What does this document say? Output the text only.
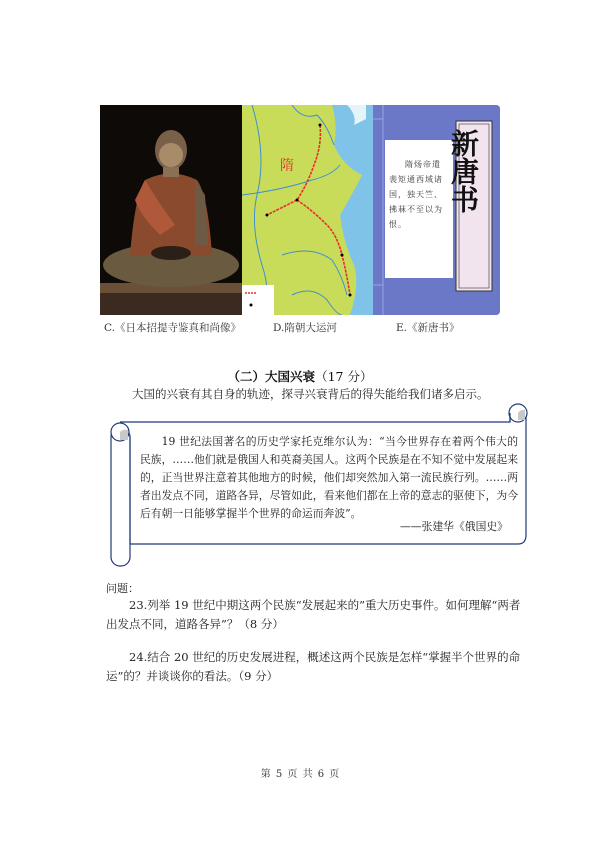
隋	新唐书
隋炀帝遣裴矩通西域诸国，独天竺、拂菻不至以为恨。
C.《日本招提寺鉴真和尚像》	D.隋朝大运河	E.《新唐书》
（二）大国兴衰（17 分）
大国的兴衰有其自身的轨迹，探寻兴衰背后的得失能给我们诸多启示。

19 世纪法国著名的历史学家托克维尔认为：“当今世界存在着两个伟大的民族，……他们就是俄国人和英裔美国人。这两个民族是在不知不觉中发展起来的，正当世界注意着其他地方的时候，他们却突然加入第一流民族行列。……两者出发点不同，道路各异，尽管如此，看来他们都在上帝的意志的驱使下，为今后有朝一日能够掌握半个世界的命运而奔波”。

——张建华《俄国史》
问题：

23.列举 19 世纪中期这两个民族“发展起来的”重大历史事件。如何理解“两者出发点不同，道路各异”？（8 分）

24.结合 20 世纪的历史发展进程，概述这两个民族是怎样“掌握半个世界的命运”的？并谈谈你的看法。（9 分）

第 5 页 共 6 页
